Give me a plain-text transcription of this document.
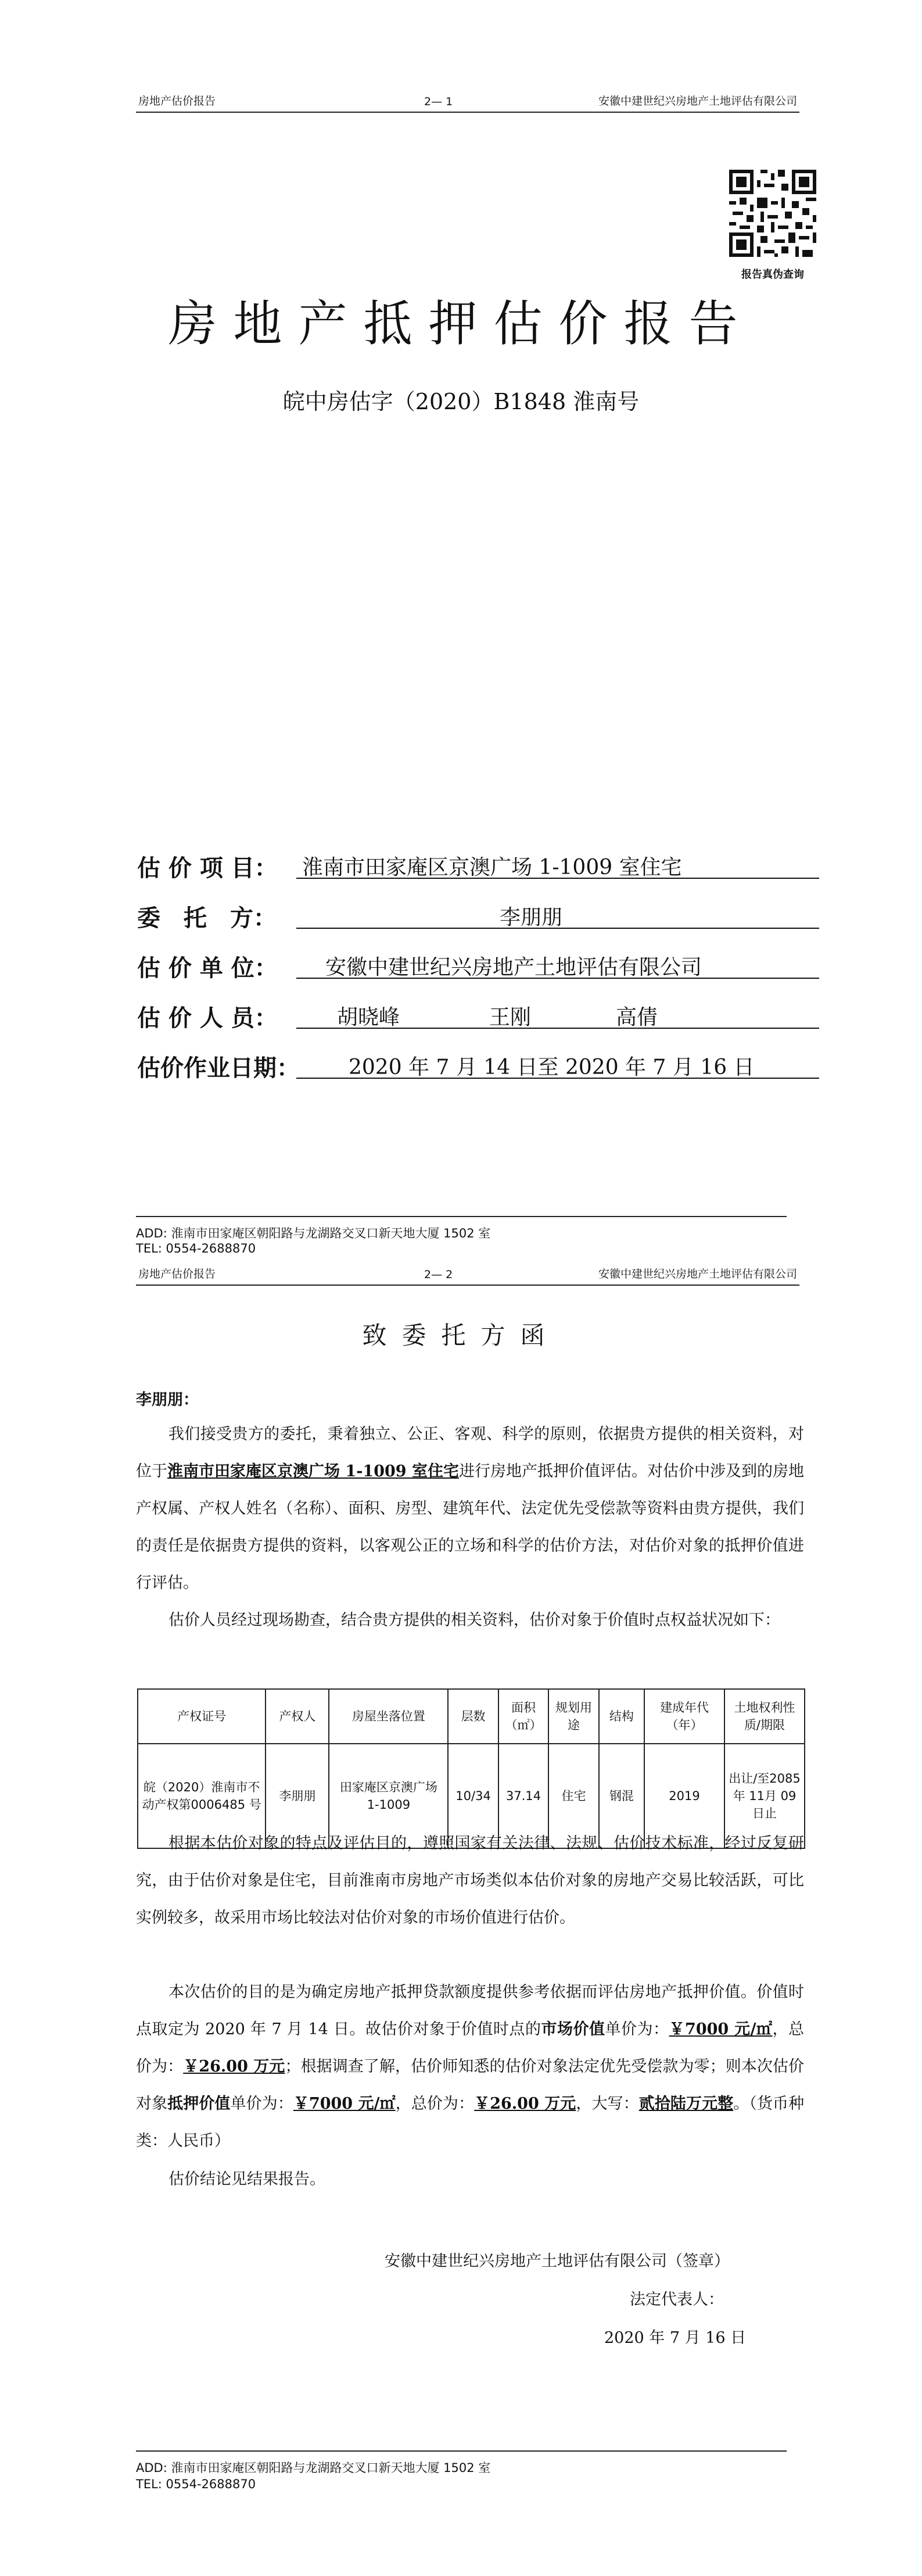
房地产估价报告	2— 1	安徽中建世纪兴房地产土地评估有限公司
报告真伪查询
房地产抵押估价报告
皖中房估字（2020）B1848 淮南号
估 价 项 目： 淮南市田家庵区京澳广场 1-1009 室住宅
委　托　方：	李朋朋
估 价 单 位： 安徽中建世纪兴房地产土地评估有限公司
估 价 人 员：	胡晓峰	王刚	高倩
估价作业日期： 2020 年 7 月 14 日至 2020 年 7 月 16 日
ADD: 淮南市田家庵区朝阳路与龙湖路交叉口新天地大厦 1502 室
TEL: 0554-2688870
房地产估价报告	2— 2	安徽中建世纪兴房地产土地评估有限公司
致委托方函
李朋朋：
我们接受贵方的委托，秉着独立、公正、客观、科学的原则，依据贵方提供的相关资料，对位于淮南市田家庵区京澳广场 1-1009 室住宅进行房地产抵押价值评估。对估价中涉及到的房地产权属、产权人姓名（名称）、面积、房型、建筑年代、法定优先受偿款等资料由贵方提供，我们的责任是依据贵方提供的资料，以客观公正的立场和科学的估价方法，对估价对象的抵押价值进行评估。
估价人员经过现场勘查，结合贵方提供的相关资料，估价对象于价值时点权益状况如下：
产权证号	产权人	房屋坐落位置	层数	面积（㎡）	规划用途	结构	建成年代（年）	土地权利性质/期限
皖（2020）淮南市不动产权第0006485 号	李朋朋	田家庵区京澳广场 1-1009	10/34	37.14	住宅	钢混	2019	出让/至2085 年 11月 09 日止
根据本估价对象的特点及评估目的，遵照国家有关法律、法规、估价技术标准，经过反复研究，由于估价对象是住宅，目前淮南市房地产市场类似本估价对象的房地产交易比较活跃，可比实例较多，故采用市场比较法对估价对象的市场价值进行估价。
本次估价的目的是为确定房地产抵押贷款额度提供参考依据而评估房地产抵押价值。价值时点取定为 2020 年 7 月 14 日。故估价对象于价值时点的市场价值单价为：￥7000 元/㎡，总价为：￥26.00 万元；根据调查了解，估价师知悉的估价对象法定优先受偿款为零；则本次估价对象抵押价值单价为：￥7000 元/㎡，总价为：￥26.00 万元，大写：贰拾陆万元整。（货币种类：人民币）
估价结论见结果报告。
安徽中建世纪兴房地产土地评估有限公司（签章）
法定代表人：
2020 年 7 月 16 日
ADD: 淮南市田家庵区朝阳路与龙湖路交叉口新天地大厦 1502 室
TEL: 0554-2688870
